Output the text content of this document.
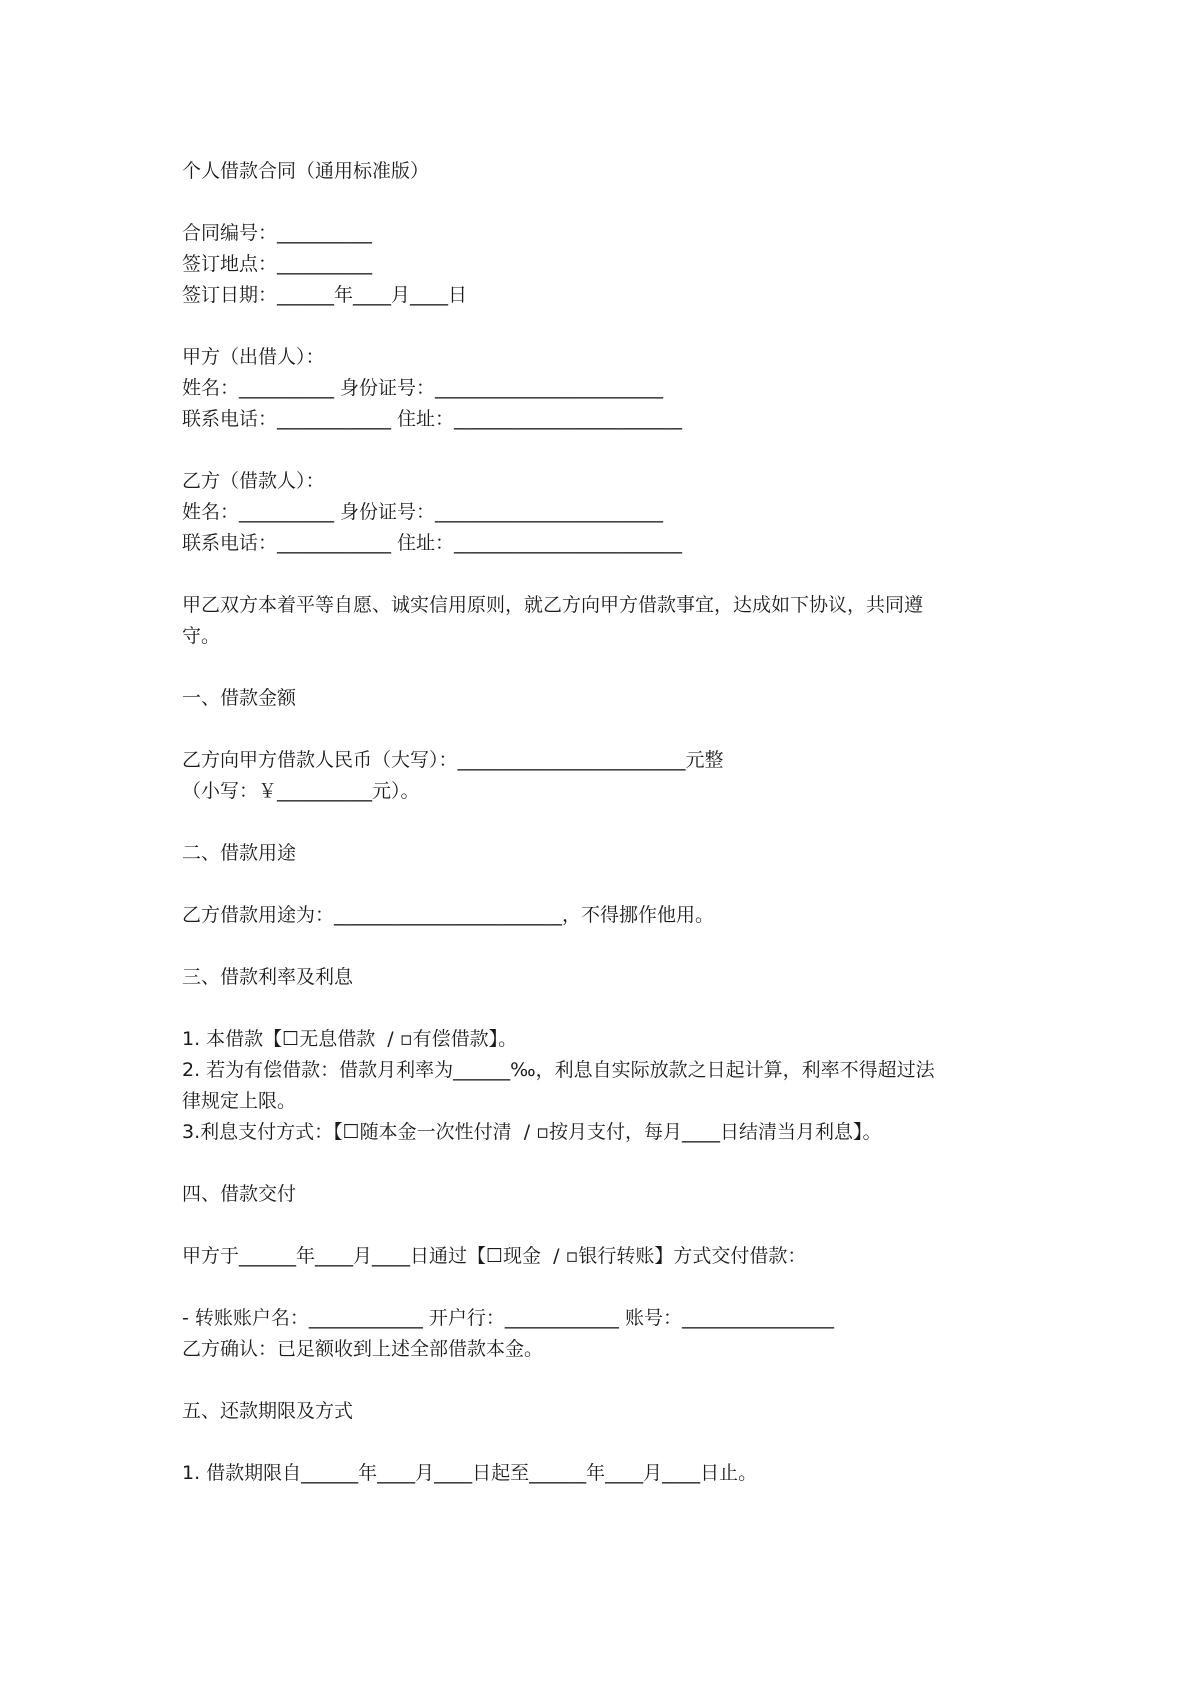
个人借款合同（通用标准版）
合同编号：__________
签订地点：__________
签订日期：______年____月____日
甲方（出借人）：
姓名：__________ 身份证号：________________________
联系电话：____________ 住址：________________________
乙方（借款人）：
姓名：__________ 身份证号：________________________
联系电话：____________ 住址：________________________
甲乙双方本着平等自愿、诚实信用原则，就乙方向甲方借款事宜，达成如下协议，共同遵
守。
一、借款金额
乙方向甲方借款人民币（大写）：________________________元整
（小写：￥__________元）。
二、借款用途
乙方借款用途为：________________________，不得挪作他用。
三、借款利率及利息
1. 本借款【☐无息借款  / ▫有偿借款】。
2. 若为有偿借款：借款月利率为______‰，利息自实际放款之日起计算，利率不得超过法
律规定上限。
3.利息支付方式：【☐随本金一次性付清  / ▫按月支付，每月____日结清当月利息】。
四、借款交付
甲方于______年____月____日通过【☐现金  / ▫银行转账】方式交付借款：
- 转账账户名：____________ 开户行：____________ 账号：________________
乙方确认：已足额收到上述全部借款本金。
五、还款期限及方式
1. 借款期限自______年____月____日起至______年____月____日止。
